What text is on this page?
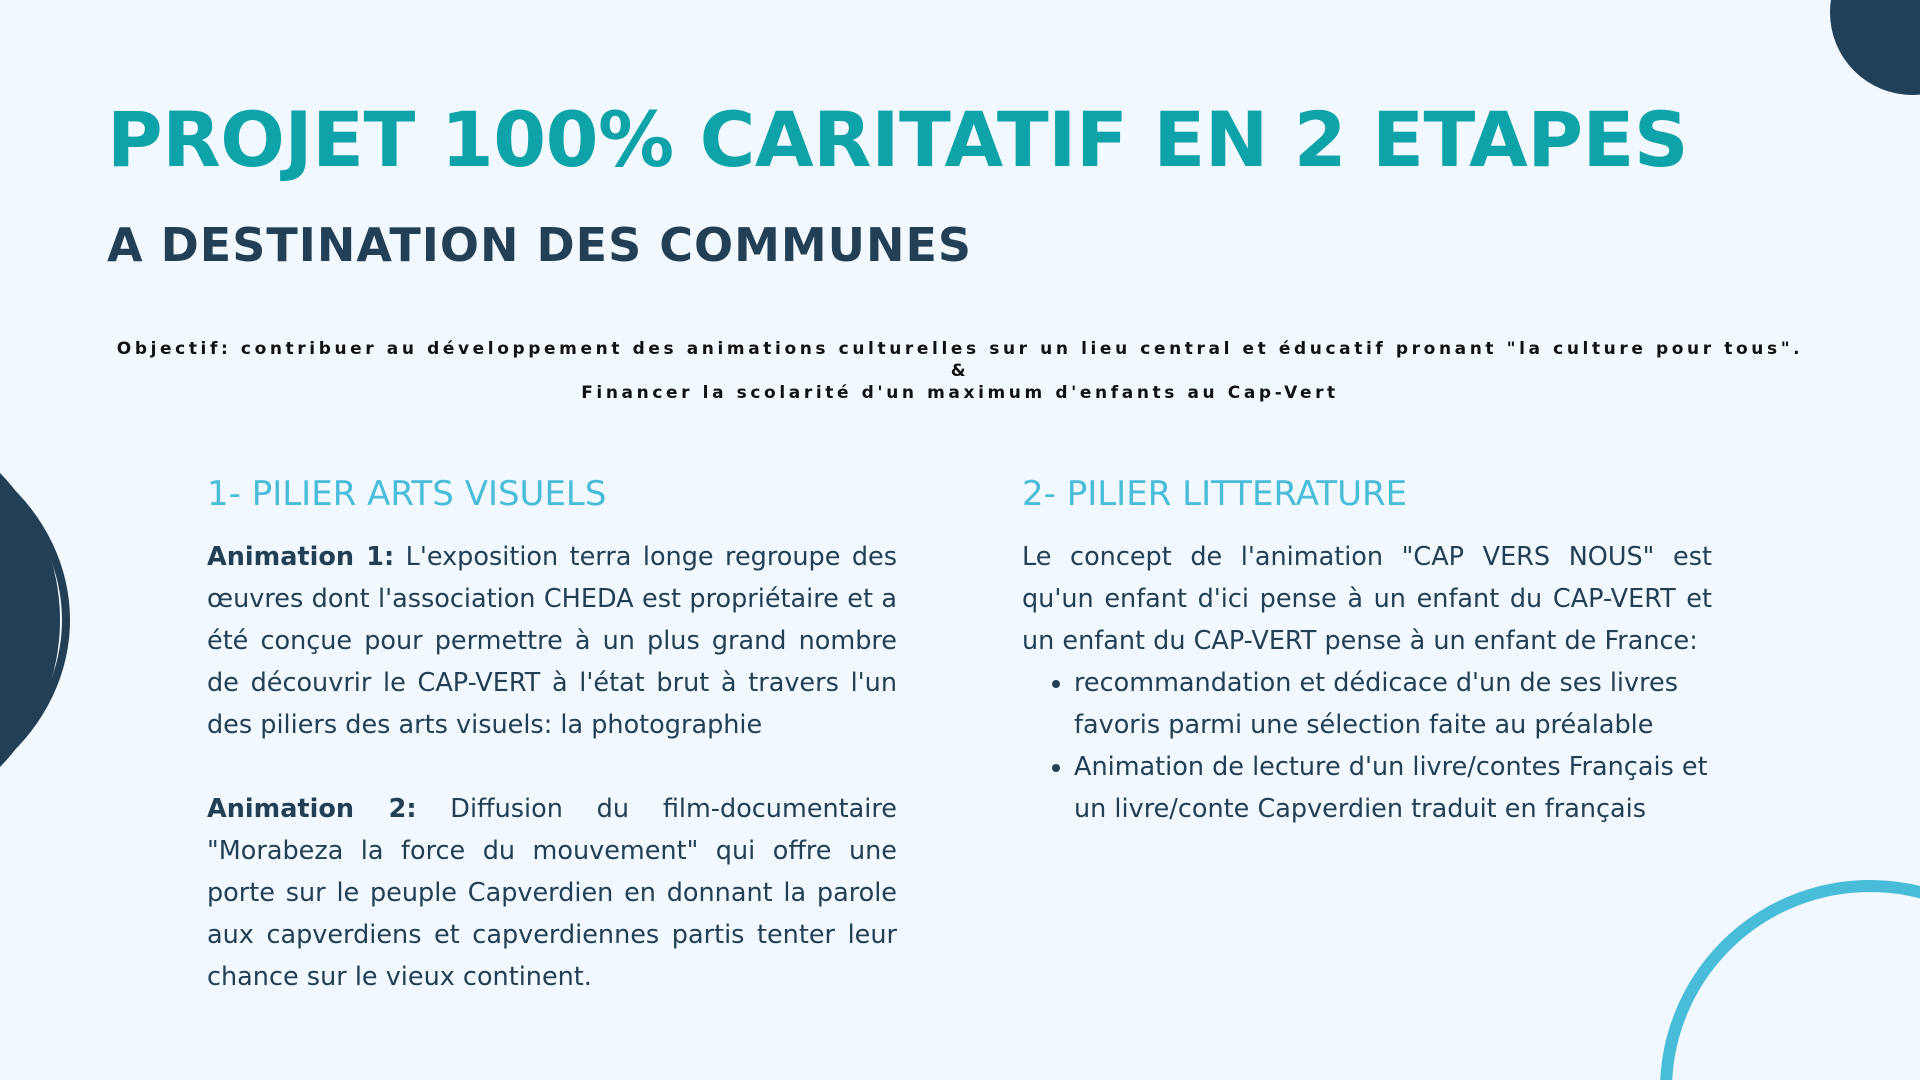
PROJET 100% CARITATIF EN 2 ETAPES
A DESTINATION DES COMMUNES
Objectif: contribuer au développement des animations culturelles sur un lieu central et éducatif pronant "la culture pour tous".
&
Financer la scolarité d'un maximum d'enfants au Cap-Vert
1- PILIER ARTS VISUELS

Animation 1: L'exposition terra longe regroupe des œuvres dont l'association CHEDA est propriétaire et a été conçue pour permettre à un plus grand nombre de découvrir le CAP-VERT à l'état brut à travers l'un des piliers des arts visuels: la photographie

Animation 2: Diffusion du film-documentaire "Morabeza la force du mouvement" qui offre une porte sur le peuple Capverdien en donnant la parole aux capverdiens et capverdiennes partis tenter leur chance sur le vieux continent.

2- PILIER LITTERATURE

Le concept de l'animation "CAP VERS NOUS" est qu'un enfant d'ici pense à un enfant du CAP-VERT et un enfant du CAP-VERT pense à un enfant de France:

• recommandation et dédicace d'un de ses livres favoris parmi une sélection faite au préalable
• Animation de lecture d'un livre/contes Français et un livre/conte Capverdien traduit en français
